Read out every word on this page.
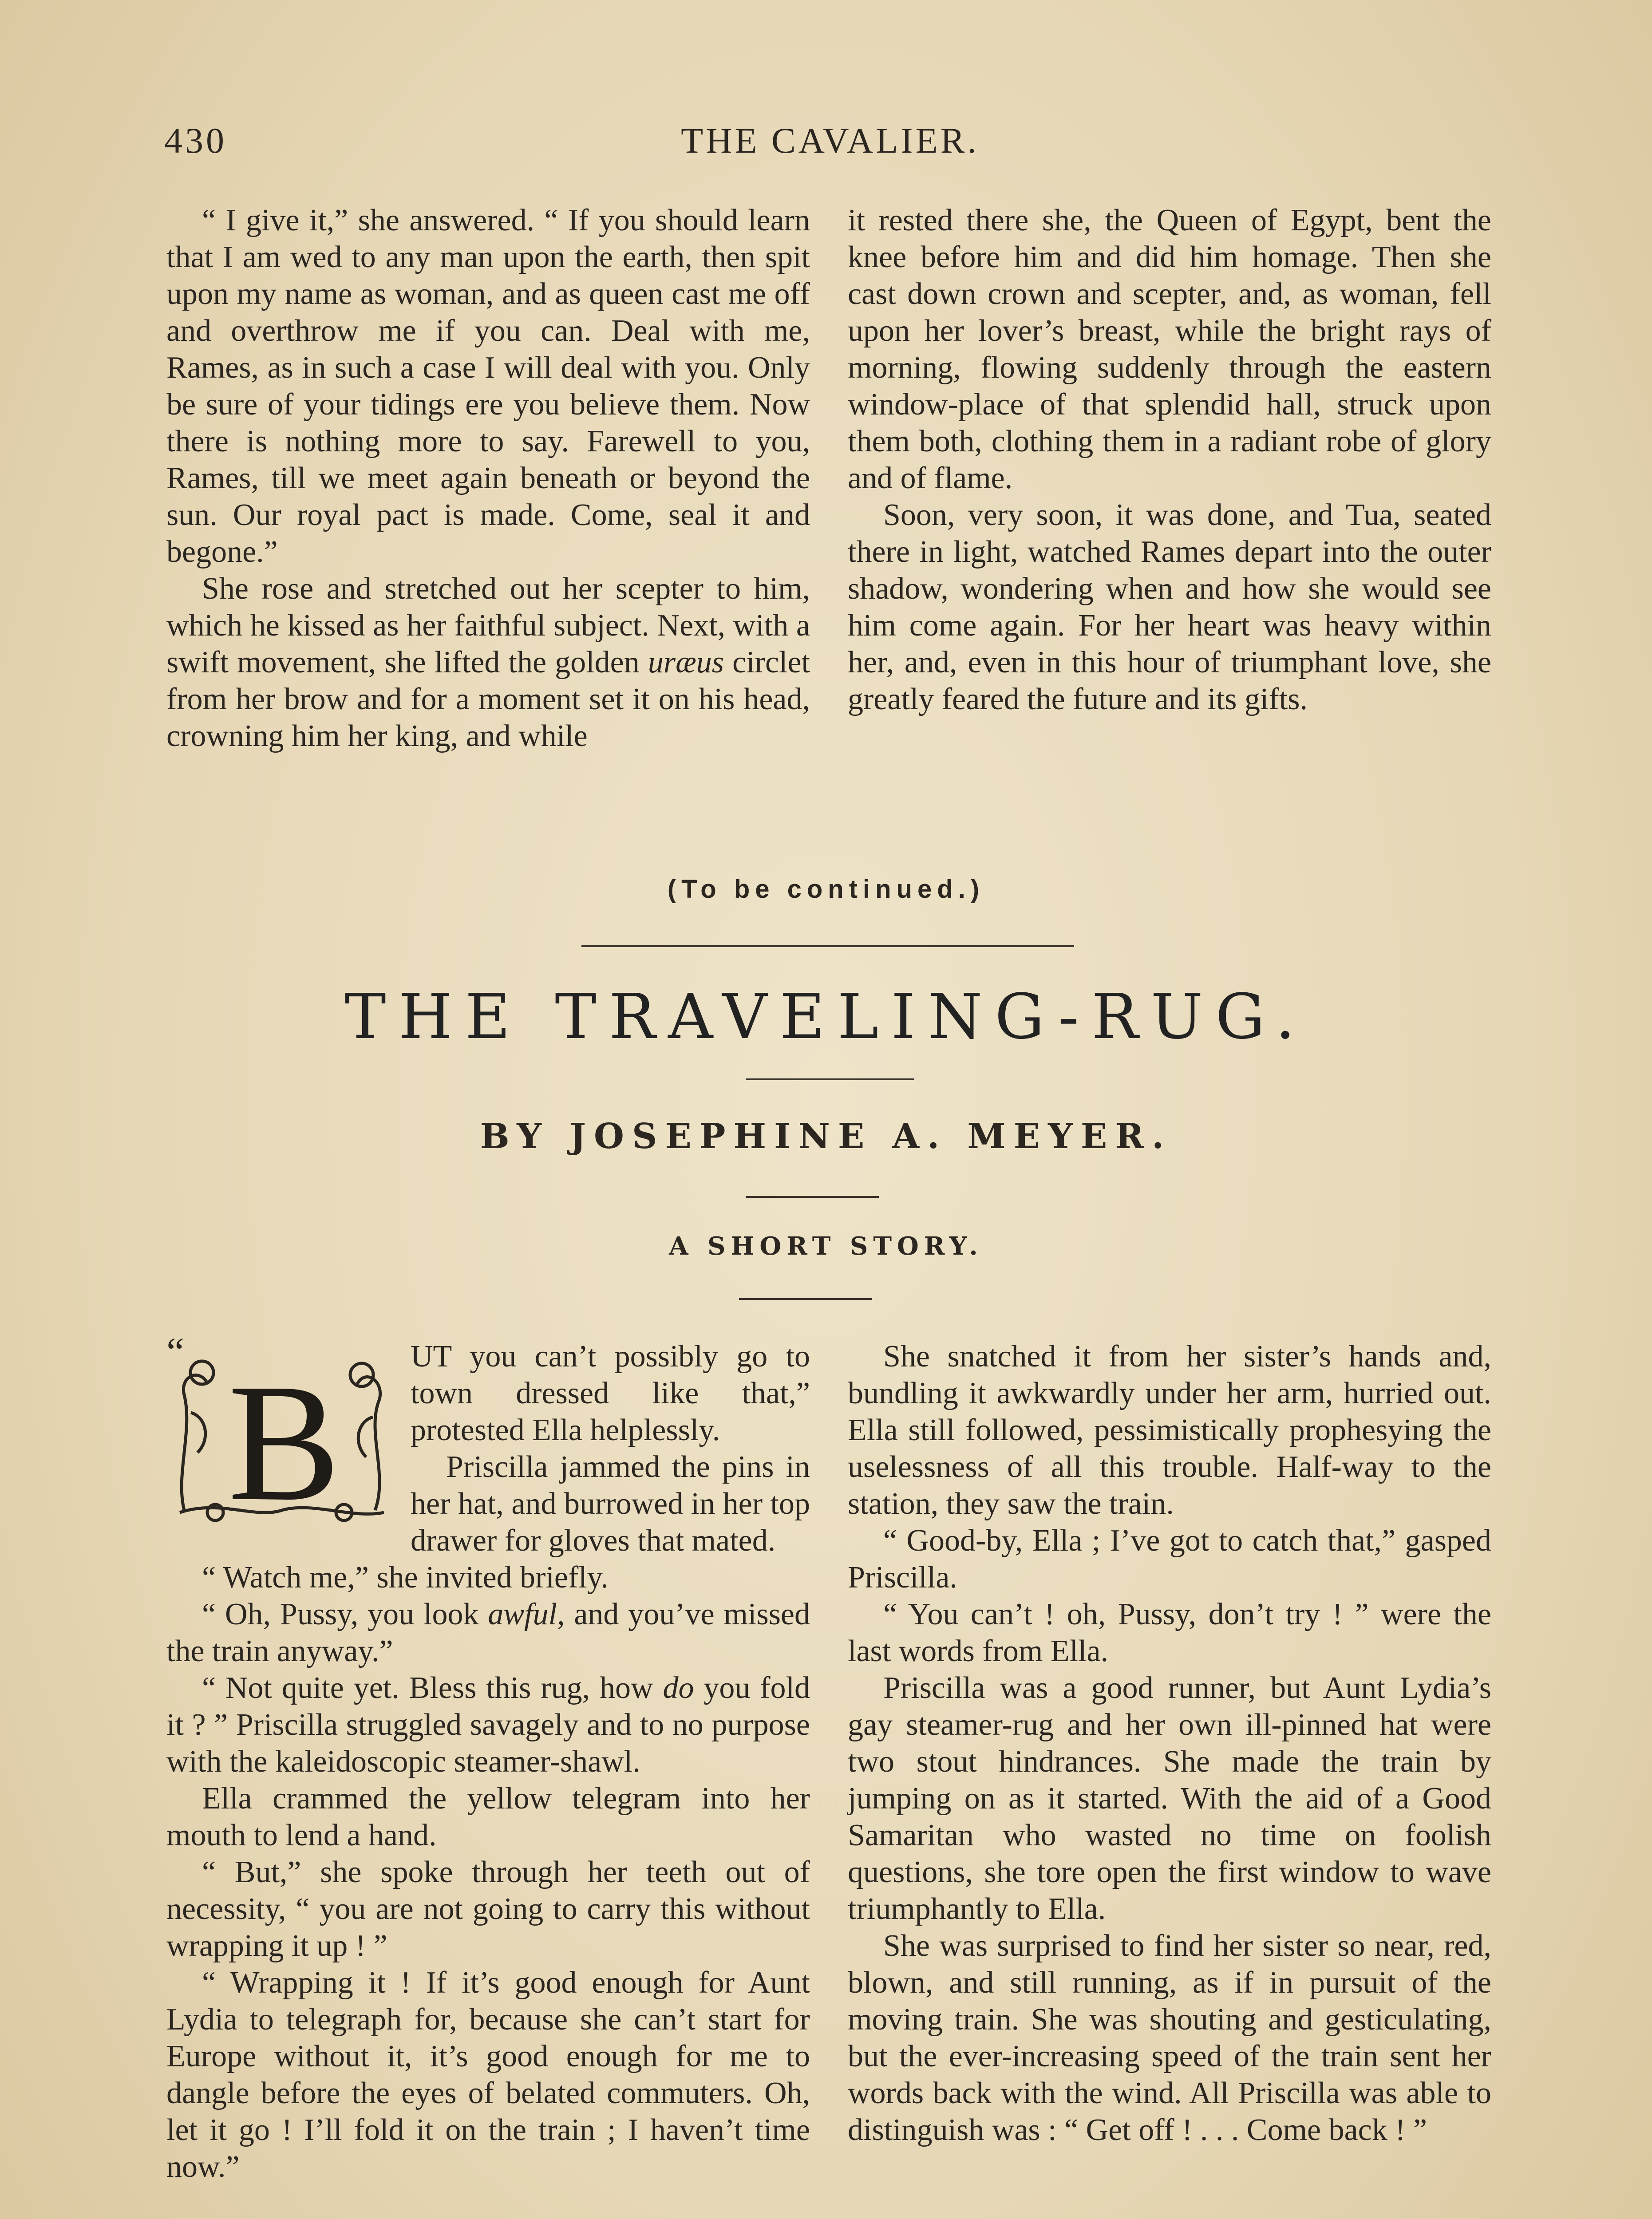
430	THE CAVALIER.

“ I give it,” she answered. “ If you should learn that I am wed to any man upon the earth, then spit upon my name as woman, and as queen cast me off and overthrow me if you can. Deal with me, Rames, as in such a case I will deal with you. Only be sure of your tidings ere you believe them. Now there is nothing more to say. Farewell to you, Rames, till we meet again beneath or beyond the sun. Our royal pact is made. Come, seal it and begone.”

She rose and stretched out her scepter to him, which he kissed as her faithful subject. Next, with a swift movement, she lifted the golden uræus circlet from her brow and for a moment set it on his head, crowning him her king, and while

it rested there she, the Queen of Egypt, bent the knee before him and did him homage. Then she cast down crown and scepter, and, as woman, fell upon her lover’s breast, while the bright rays of morning, flowing suddenly through the eastern window-place of that splendid hall, struck upon them both, clothing them in a radiant robe of glory and of flame.

Soon, very soon, it was done, and Tua, seated there in light, watched Rames depart into the outer shadow, wondering when and how she would see him come again. For her heart was heavy within her, and, even in this hour of triumphant love, she greatly feared the future and its gifts.

(To be continued.)
THE TRAVELING-RUG.
BY JOSEPHINE A. MEYER.
A SHORT STORY.
“ B	UT you can’t possibly go to town dressed like that,” protested Ella helplessly.

Priscilla jammed the pins in her hat, and burrowed in her top drawer for gloves that mated.

“ Watch me,” she invited briefly.

“ Oh, Pussy, you look awful, and you’ve missed the train anyway.”

“ Not quite yet. Bless this rug, how do you fold it ? ” Priscilla struggled savagely and to no purpose with the kaleidoscopic steamer-shawl.

Ella crammed the yellow telegram into her mouth to lend a hand.

“ But,” she spoke through her teeth out of necessity, “ you are not going to carry this without wrapping it up ! ”

“ Wrapping it ! If it’s good enough for Aunt Lydia to telegraph for, because she can’t start for Europe without it, it’s good enough for me to dangle before the eyes of belated commuters. Oh, let it go ! I’ll fold it on the train ; I haven’t time now.”

She snatched it from her sister’s hands and, bundling it awkwardly under her arm, hurried out. Ella still followed, pessimistically prophesying the uselessness of all this trouble. Half-way to the station, they saw the train.

“ Good-by, Ella ; I’ve got to catch that,” gasped Priscilla.

“ You can’t ! oh, Pussy, don’t try ! ” were the last words from Ella.

Priscilla was a good runner, but Aunt Lydia’s gay steamer-rug and her own ill-pinned hat were two stout hindrances. She made the train by jumping on as it started. With the aid of a Good Samaritan who wasted no time on foolish questions, she tore open the first window to wave triumphantly to Ella.

She was surprised to find her sister so near, red, blown, and still running, as if in pursuit of the moving train. She was shouting and gesticulating, but the ever-increasing speed of the train sent her words back with the wind. All Priscilla was able to distinguish was : “ Get off ! . . . Come back ! ”
